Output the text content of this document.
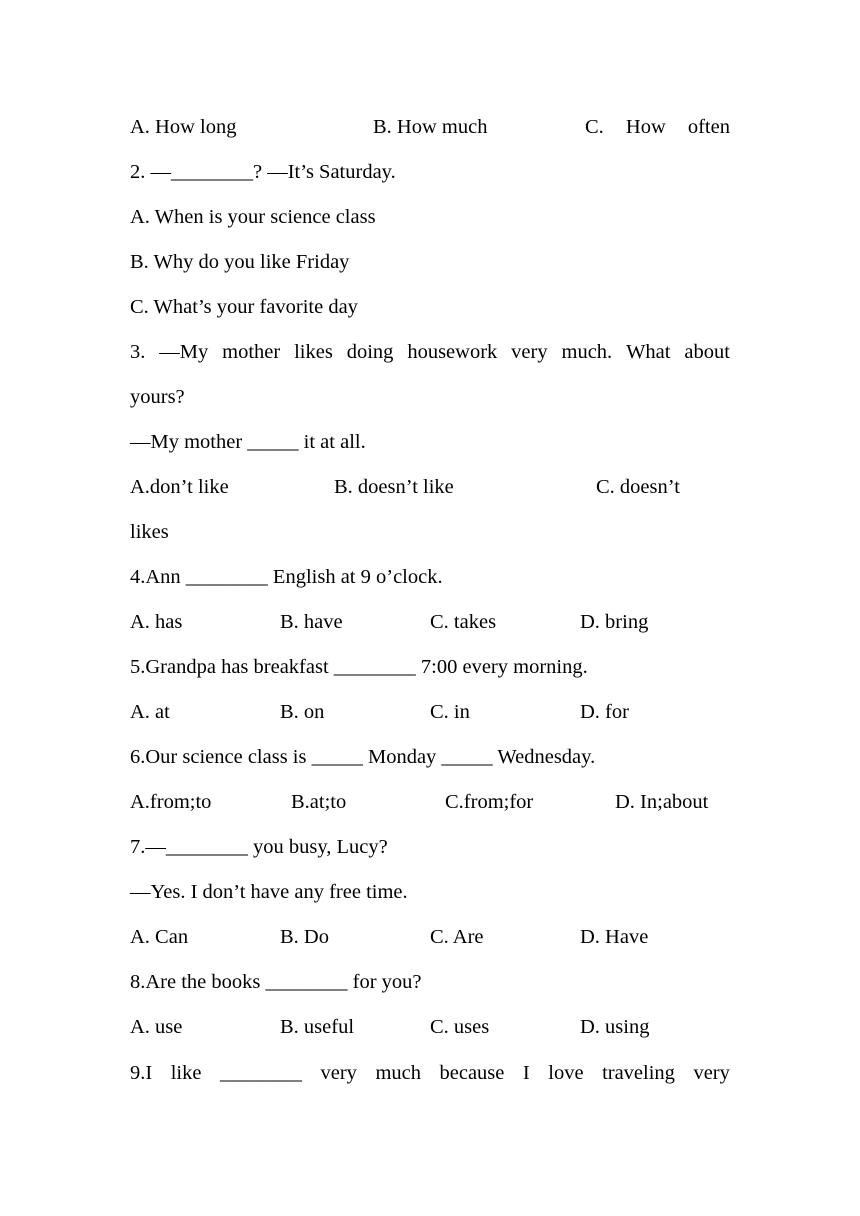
A. How long	B. How much	C. How often
2. —________? —It’s Saturday.
A. When is your science class
B. Why do you like Friday
C. What’s your favorite day
3. —My mother likes doing housework very much. What about
yours?
—My mother _____ it at all.
A.don’t like	B. doesn’t like	C. doesn’t
likes
4.Ann ________ English at 9 o’clock.
A. has	B. have	C. takes	D. bring
5.Grandpa has breakfast ________ 7:00 every morning.
A. at	B. on	C. in	D. for
6.Our science class is _____ Monday _____ Wednesday.
A.from;to	B.at;to	C.from;for	D. In;about
7.—________ you busy, Lucy?
—Yes. I don’t have any free time.
A. Can	B. Do	C. Are	D. Have
8.Are the books ________ for you?
A. use	B. useful	C. uses	D. using
9.I like ________ very much because I love traveling very
